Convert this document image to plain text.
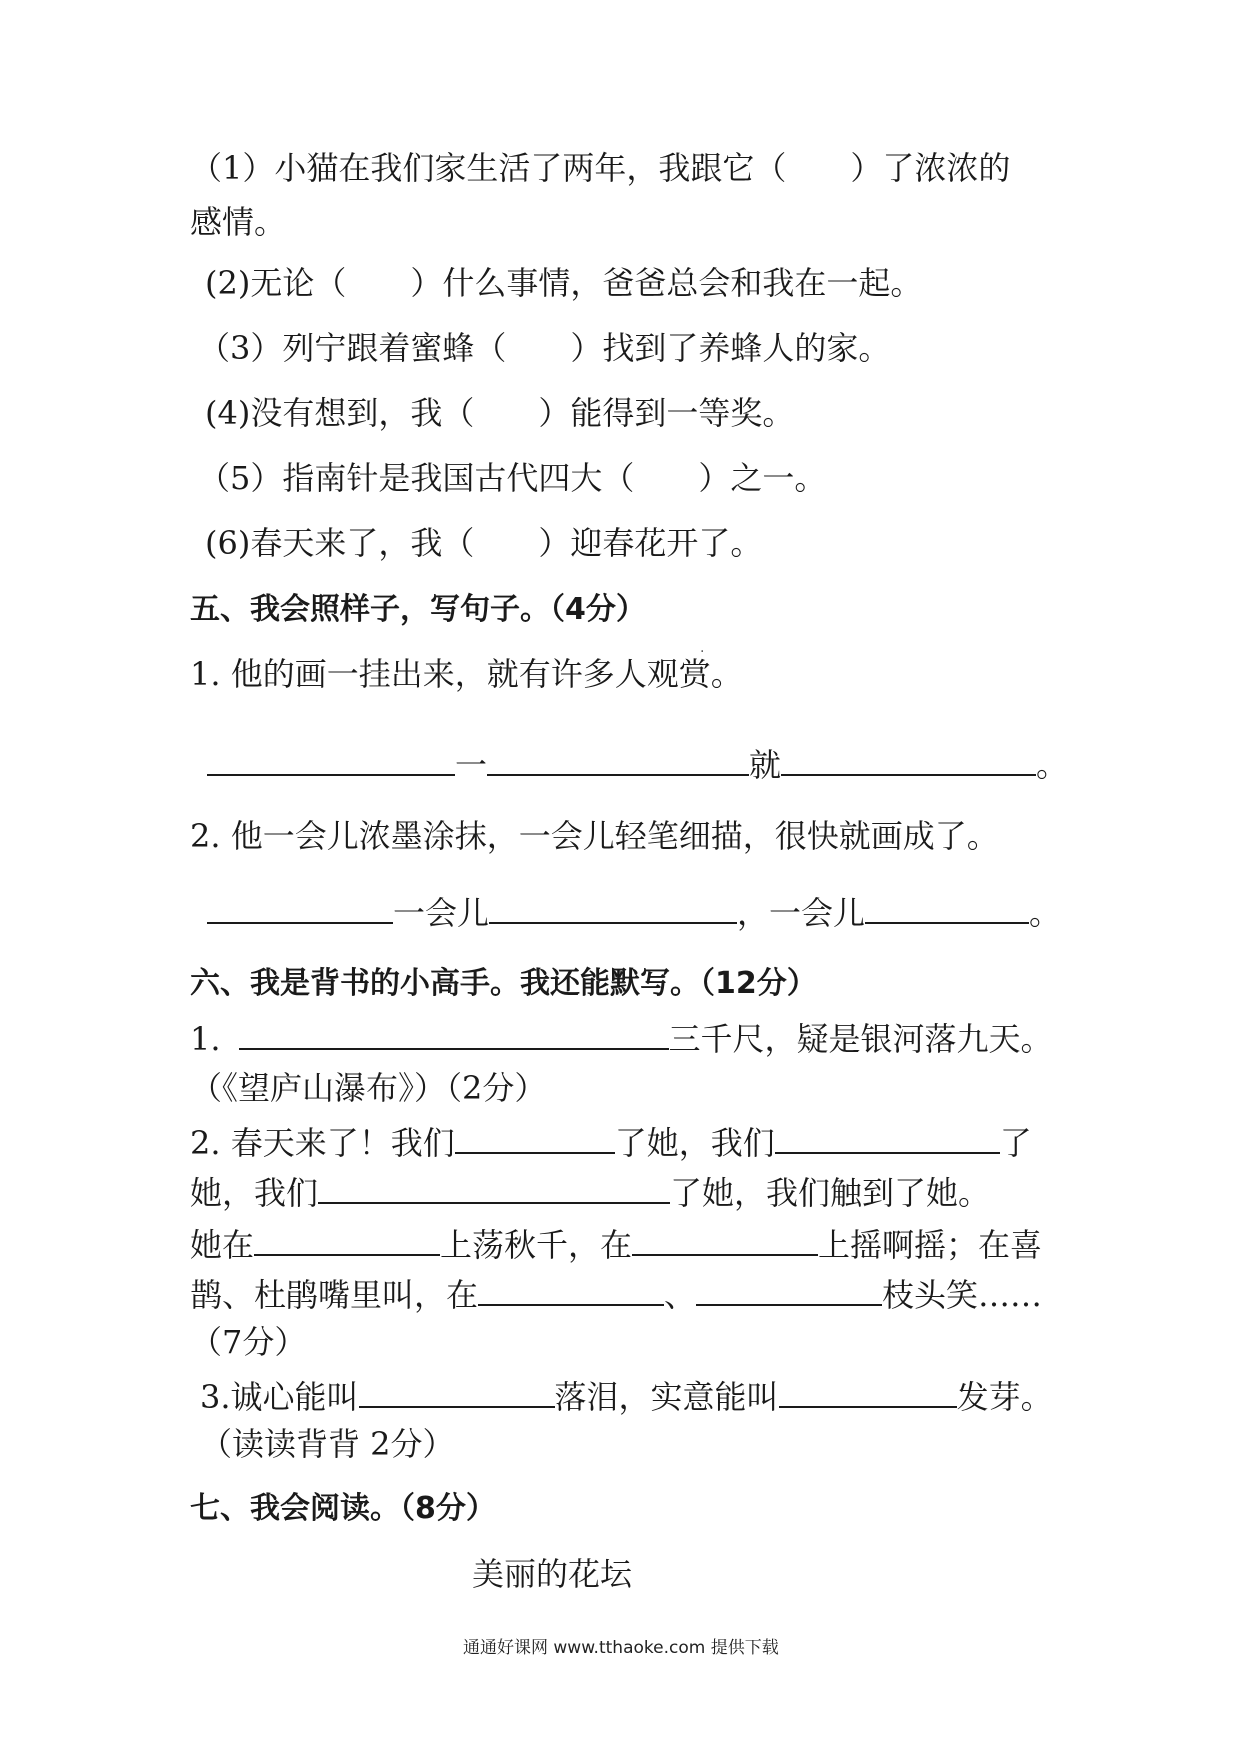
（1）小猫在我们家生活了两年，我跟它（　　）了浓浓的
感情。
(2)无论（　　）什么事情，爸爸总会和我在一起。
（3）列宁跟着蜜蜂（　　）找到了养蜂人的家。
(4)没有想到，我（　　）能得到一等奖。
（5）指南针是我国古代四大（　　）之一。
(6)春天来了，我（　　）迎春花开了。
五、我会照样子，写句子。（4分）
.
1. 他的画一挂出来，就有许多人观赏。
一	就	。
2. 他一会儿浓墨涂抹，一会儿轻笔细描，很快就画成了。
一会儿	，一会儿	。
六、我是背书的小高手。我还能默写。（12分）
1.	三千尺，疑是银河落九天。
（《望庐山瀑布》）（2分）
2. 春天来了！我们	了她，我们	了
她，我们	了她，我们触到了她。
她在	上荡秋千，在	上摇啊摇；在喜
鹊、杜鹃嘴里叫，在	、	枝头笑……
（7分）
3.诚心能叫	落泪，实意能叫	发芽。
（读读背背 2分）
七、我会阅读。（8分）
美丽的花坛
通通好课网 www.tthaoke.com 提供下载
